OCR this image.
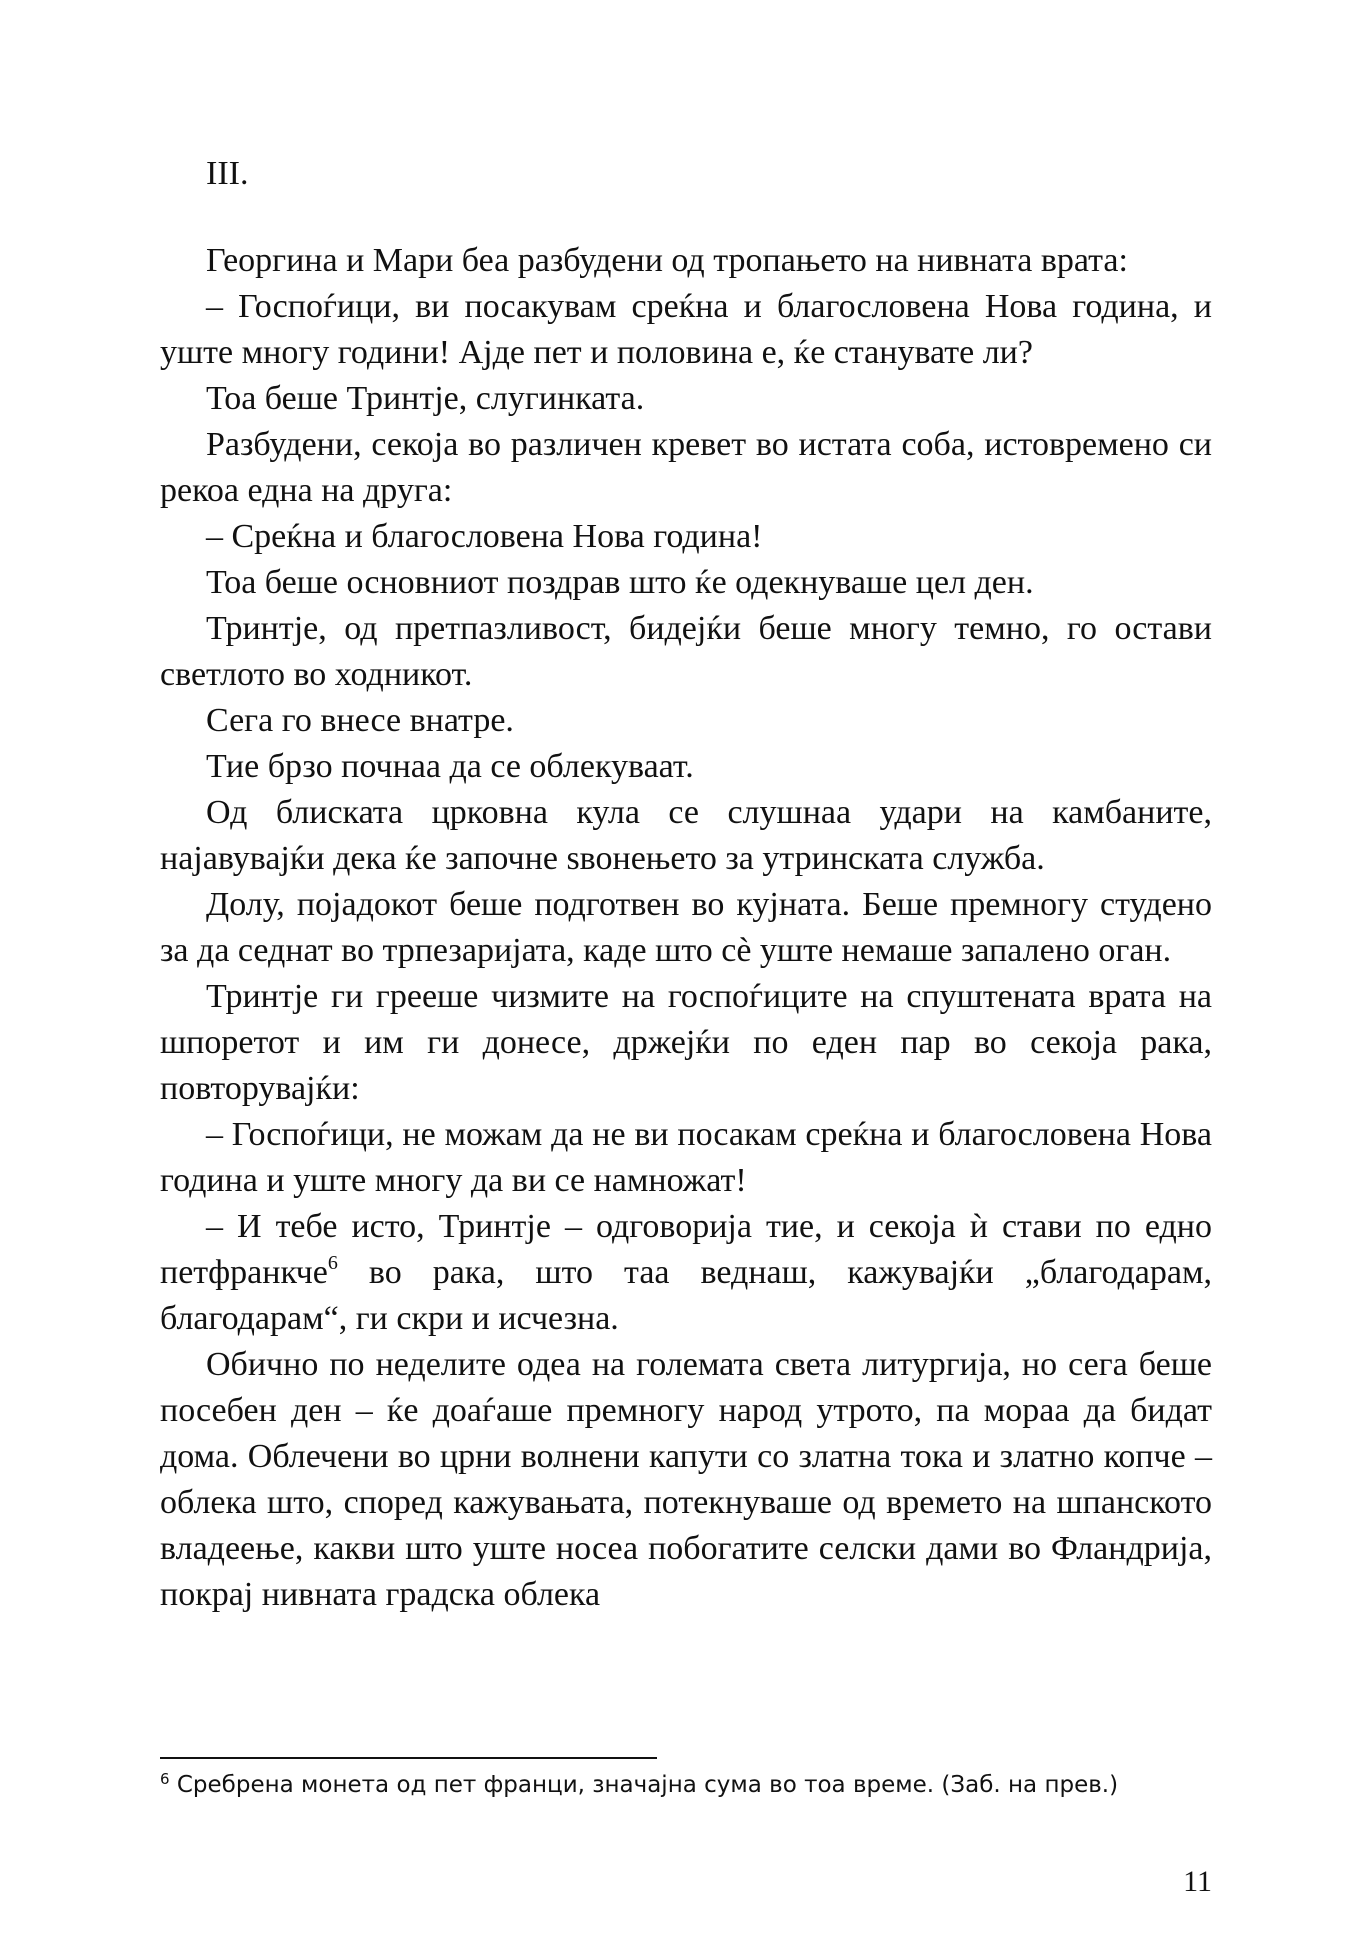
III.

Георгина и Мари беа разбудени од тропањето на нивната врата:

– Госпоѓици, ви посакувам среќна и благословена Нова година, и уште многу години! Ајде пет и половина е, ќе станувате ли?

Тоа беше Тринтје, слугинката.

Разбудени, секоја во различен кревет во истата соба, истовремено си рекоа една на друга:

– Среќна и благословена Нова година!

Тоа беше основниот поздрав што ќе одекнуваше цел ден.

Тринтје, од претпазливост, бидејќи беше многу темно, го остави светлото во ходникот.

Сега го внесе внатре.

Тие брзо почнаа да се облекуваат.

Од блиската црковна кула се слушнаа удари на камбаните, најавувајќи дека ќе започне ѕвонењето за утринската служба.

Долу, појадокот беше подготвен во кујната. Беше премногу студено за да седнат во трпезаријата, каде што сè уште немаше запалено оган.

Тринтје ги грееше чизмите на госпоѓиците на спуштената врата на шпоретот и им ги донесе, држејќи по еден пар во секоја рака, повторувајќи:

– Госпоѓици, не можам да не ви посакам среќна и благословена Нова година и уште многу да ви се намножат!

– И тебе исто, Тринтје – одговорија тие, и секоја ѝ стави по едно петфранкче$^6$ во рака, што таа веднаш, кажувајќи „благодарам, благодарам“, ги скри и исчезна.

Обично по неделите одеа на големата света литургија, но сега беше посебен ден – ќе доаѓаше премногу народ утрото, па мораа да бидат дома. Облечени во црни волнени капути со златна тока и златно копче – облека што, според кажувањата, потекнуваше од времето на шпанското владеење, какви што уште носеа побогатите селски дами во Фландрија, покрај нивната градска облека

$^6$ Сребрена монета од пет франци, значајна сума во тоа време. (Заб. на прев.)

11
